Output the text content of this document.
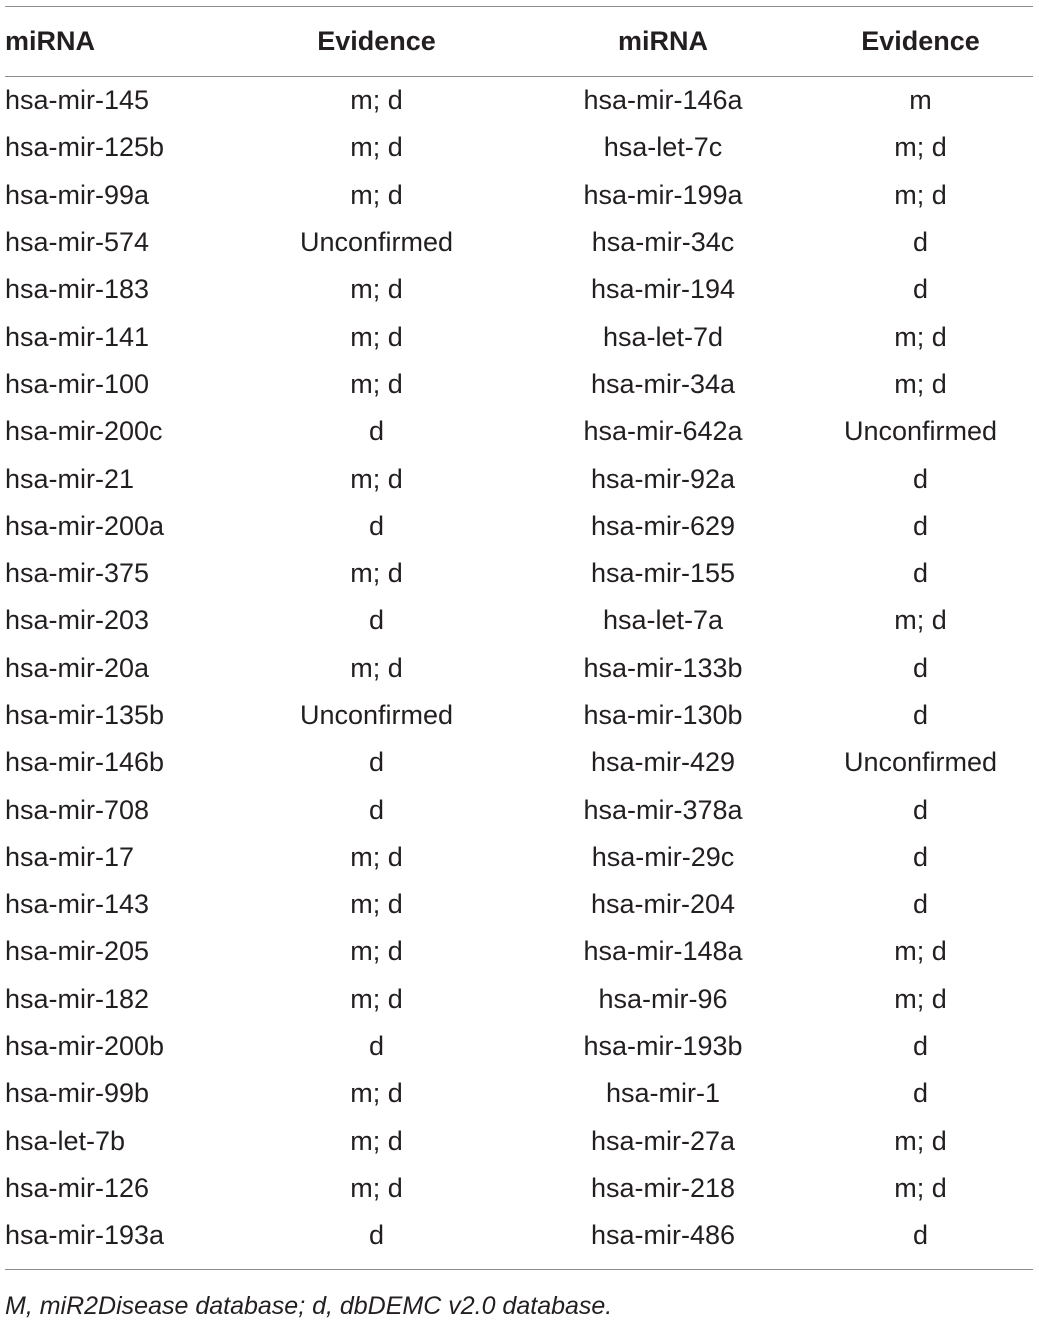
miRNA	Evidence	miRNA	Evidence

hsa-mir-145	m; d	hsa-mir-146a	m
hsa-mir-125b	m; d	hsa-let-7c	m; d
hsa-mir-99a	m; d	hsa-mir-199a	m; d
hsa-mir-574	Unconfirmed	hsa-mir-34c	d
hsa-mir-183	m; d	hsa-mir-194	d
hsa-mir-141	m; d	hsa-let-7d	m; d
hsa-mir-100	m; d	hsa-mir-34a	m; d
hsa-mir-200c	d	hsa-mir-642a	Unconfirmed
hsa-mir-21	m; d	hsa-mir-92a	d
hsa-mir-200a	d	hsa-mir-629	d
hsa-mir-375	m; d	hsa-mir-155	d
hsa-mir-203	d	hsa-let-7a	m; d
hsa-mir-20a	m; d	hsa-mir-133b	d
hsa-mir-135b	Unconfirmed	hsa-mir-130b	d
hsa-mir-146b	d	hsa-mir-429	Unconfirmed
hsa-mir-708	d	hsa-mir-378a	d
hsa-mir-17	m; d	hsa-mir-29c	d
hsa-mir-143	m; d	hsa-mir-204	d
hsa-mir-205	m; d	hsa-mir-148a	m; d
hsa-mir-182	m; d	hsa-mir-96	m; d
hsa-mir-200b	d	hsa-mir-193b	d
hsa-mir-99b	m; d	hsa-mir-1	d
hsa-let-7b	m; d	hsa-mir-27a	m; d
hsa-mir-126	m; d	hsa-mir-218	m; d
hsa-mir-193a	d	hsa-mir-486	d
M, miR2Disease database; d, dbDEMC v2.0 database.
